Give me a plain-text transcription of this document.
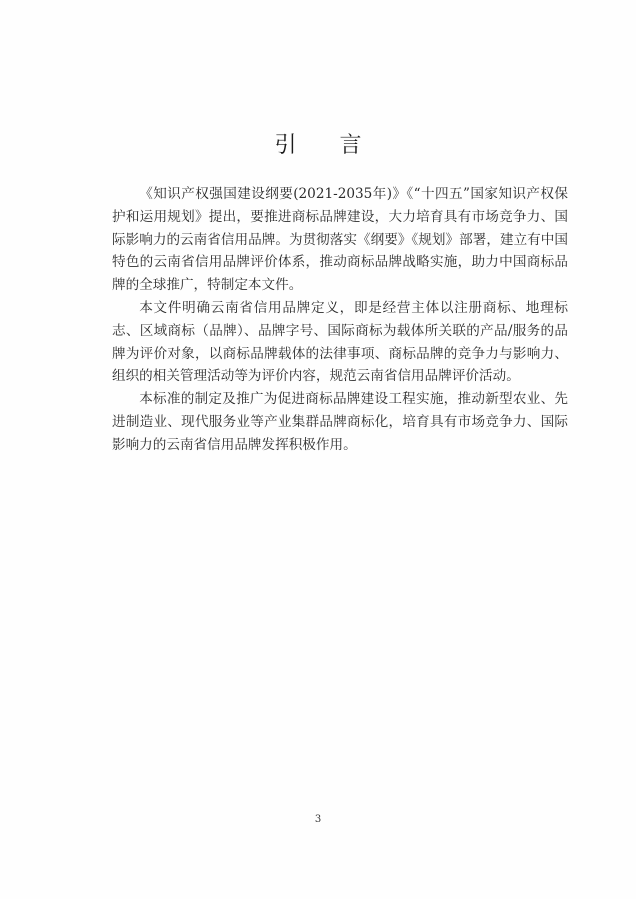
引 言

《知识产权强国建设纲要(2021-2035年)》《“十四五”国家知识产权保护和运用规划》提出，要推进商标品牌建设，大力培育具有市场竞争力、国际影响力的云南省信用品牌。为贯彻落实《纲要》《规划》部署，建立有中国特色的云南省信用品牌评价体系，推动商标品牌战略实施，助力中国商标品牌的全球推广，特制定本文件。

本文件明确云南省信用品牌定义，即是经营主体以注册商标、地理标志、区域商标（品牌）、品牌字号、国际商标为载体所关联的产品/服务的品牌为评价对象，以商标品牌载体的法律事项、商标品牌的竞争力与影响力、组织的相关管理活动等为评价内容，规范云南省信用品牌评价活动。

本标准的制定及推广为促进商标品牌建设工程实施，推动新型农业、先进制造业、现代服务业等产业集群品牌商标化，培育具有市场竞争力、国际影响力的云南省信用品牌发挥积极作用。

3
